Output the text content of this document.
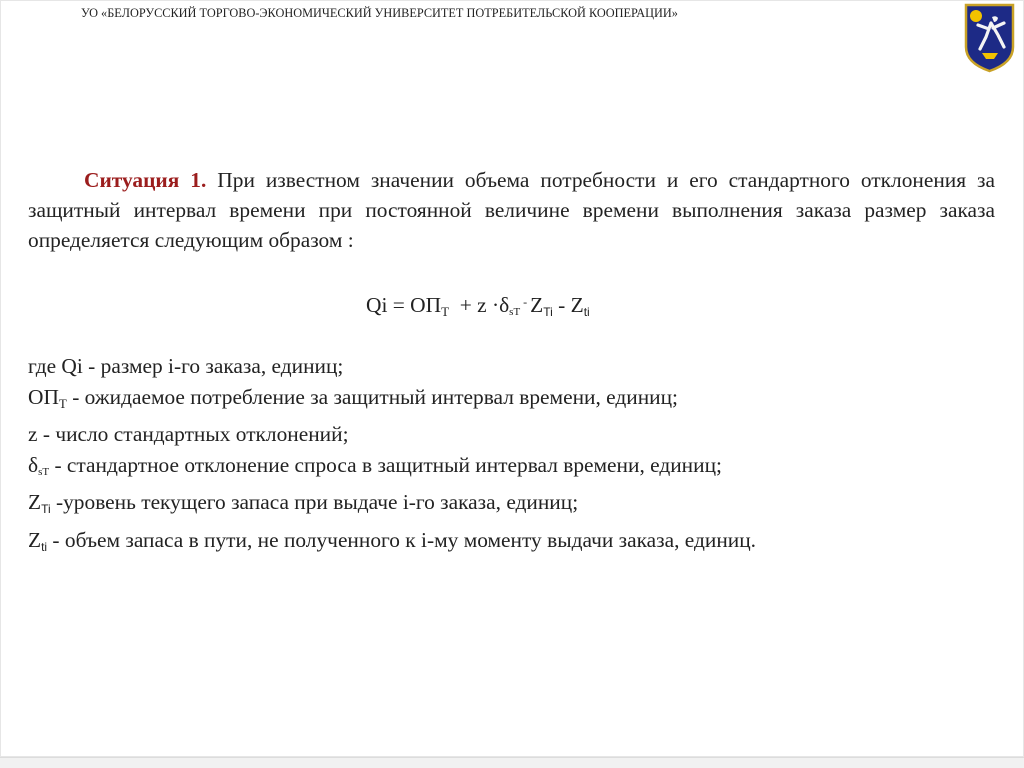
УО «БЕЛОРУССКИЙ ТОРГОВО-ЭКОНОМИЧЕСКИЙ УНИВЕРСИТЕТ ПОТРЕБИТЕЛЬСКОЙ КООПЕРАЦИИ»
Ситуация 1. При известном значении объема потребности и его стандартного отклонения за защитный интервал времени при постоянной величине времени выполнения заказа размер заказа определяется следующим образом :
$Qi = ОП_T + z \cdot\delta_{sT}$ - $Z_{Ti} - Z_{ti}$
где Qi - размер i-го заказа, единиц;
$ОП_T$ - ожидаемое потребление за защитный интервал времени, единиц;
z - число стандартных отклонений;
$\delta_{sT}$ - стандартное отклонение спроса в защитный интервал времени, единиц;
$Z_{Ti}$ -уровень текущего запаса при выдаче i-го заказа, единиц;
$Z_{ti}$ - объем запаса в пути, не полученного к i-му моменту выдачи заказа, единиц.
